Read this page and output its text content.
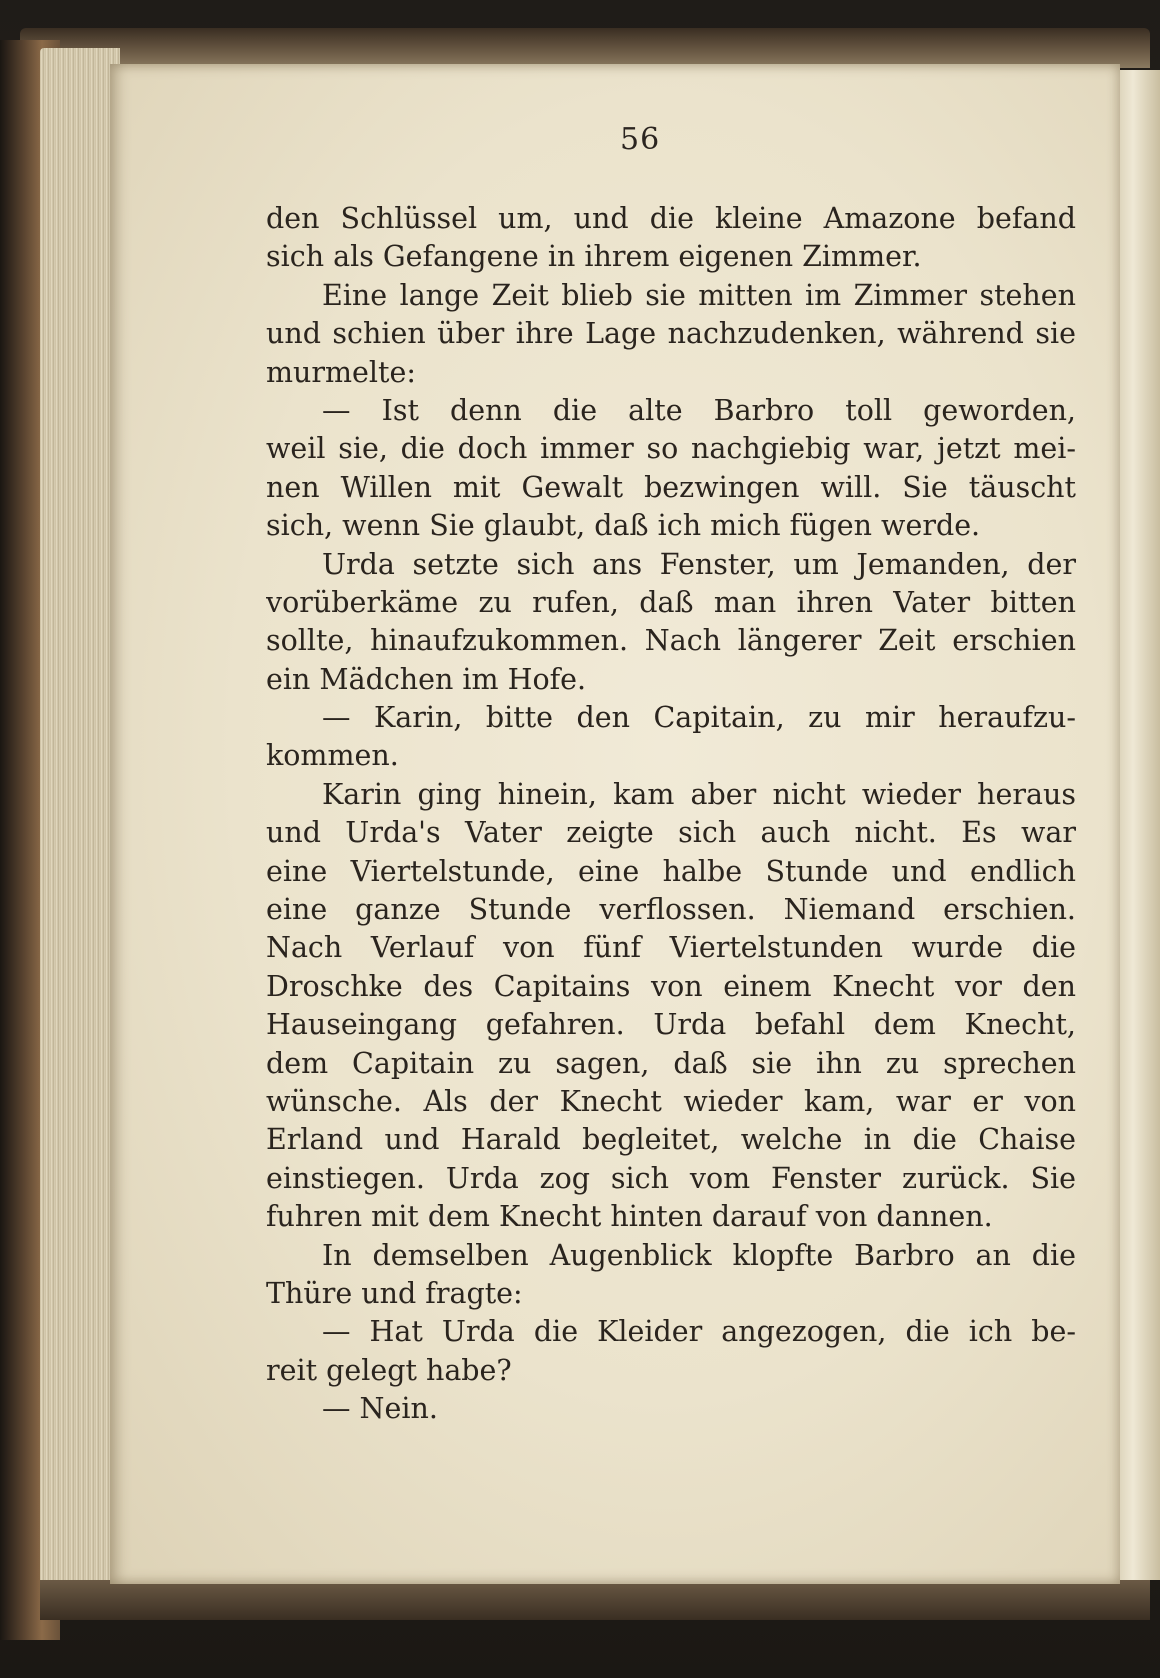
56
den Schlüssel um, und die kleine Amazone befand
sich als Gefangene in ihrem eigenen Zimmer.
Eine lange Zeit blieb sie mitten im Zimmer stehen
und schien über ihre Lage nachzudenken, während sie
murmelte:
— Ist denn die alte Barbro toll geworden,
weil sie, die doch immer so nachgiebig war, jetzt mei-
nen Willen mit Gewalt bezwingen will. Sie täuscht
sich, wenn Sie glaubt, daß ich mich fügen werde.
Urda setzte sich ans Fenster, um Jemanden, der
vorüberkäme zu rufen, daß man ihren Vater bitten
sollte, hinaufzukommen. Nach längerer Zeit erschien
ein Mädchen im Hofe.
— Karin, bitte den Capitain, zu mir heraufzu-
kommen.
Karin ging hinein, kam aber nicht wieder heraus
und Urda's Vater zeigte sich auch nicht. Es war
eine Viertelstunde, eine halbe Stunde und endlich
eine ganze Stunde verflossen. Niemand erschien.
Nach Verlauf von fünf Viertelstunden wurde die
Droschke des Capitains von einem Knecht vor den
Hauseingang gefahren. Urda befahl dem Knecht,
dem Capitain zu sagen, daß sie ihn zu sprechen
wünsche. Als der Knecht wieder kam, war er von
Erland und Harald begleitet, welche in die Chaise
einstiegen. Urda zog sich vom Fenster zurück. Sie
fuhren mit dem Knecht hinten darauf von dannen.
In demselben Augenblick klopfte Barbro an die
Thüre und fragte:
— Hat Urda die Kleider angezogen, die ich be-
reit gelegt habe?
— Nein.
